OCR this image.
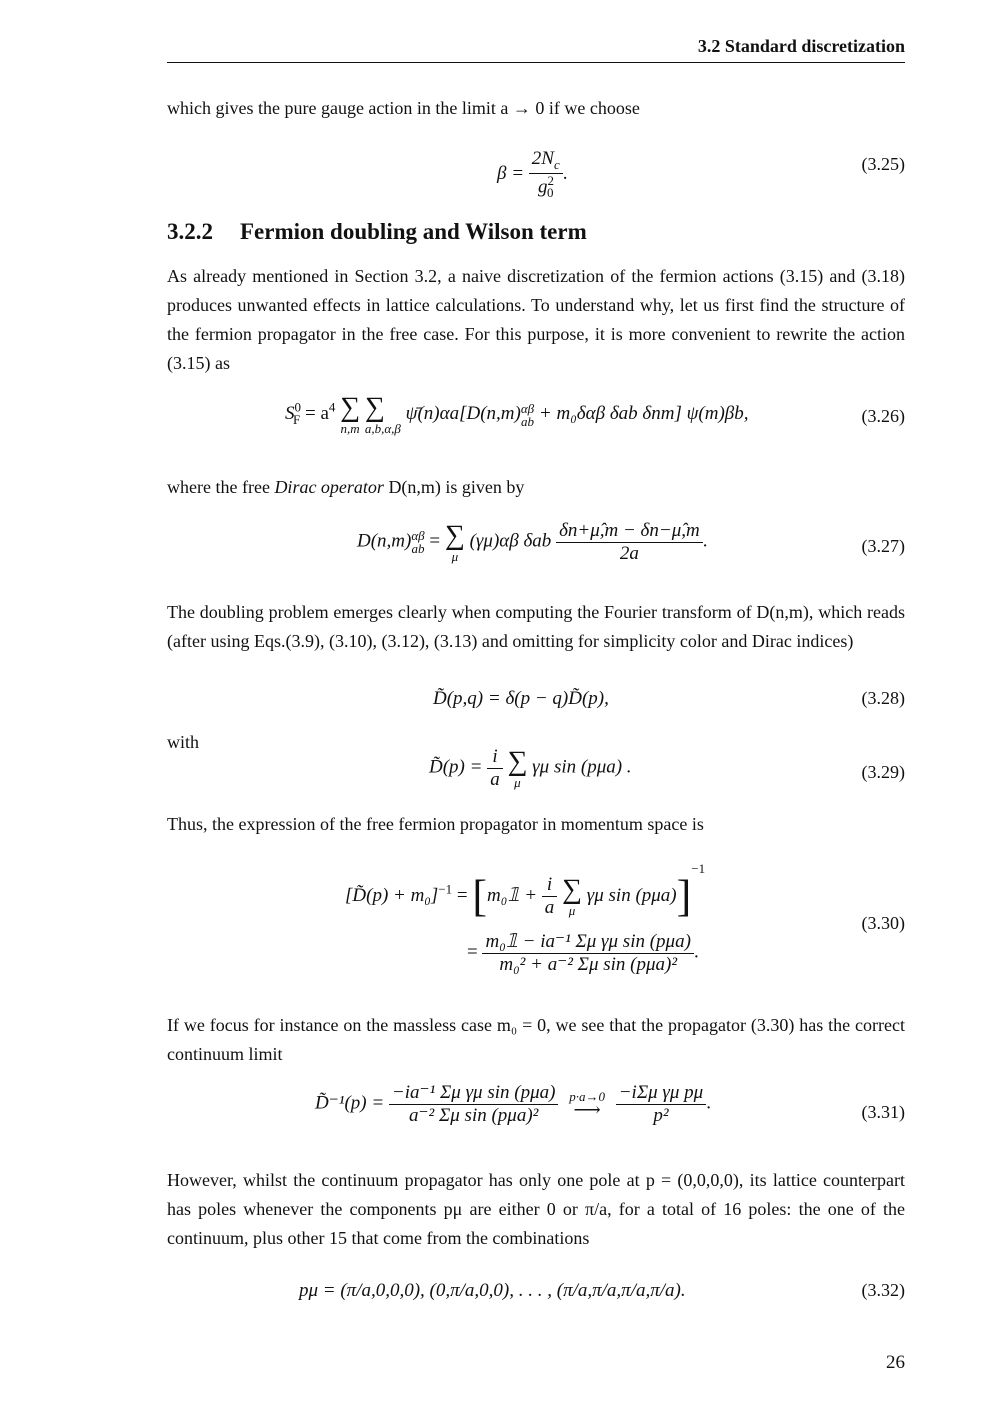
3.2 Standard discretization
which gives the pure gauge action in the limit a → 0 if we choose
$\beta = \frac{2N_c}{g^2_0}$ .	(3.25)
3.2.2 Fermion doubling and Wilson term
As already mentioned in Section 3.2, a naive discretization of the fermion actions (3.15) and (3.18) produces unwanted effects in lattice calculations. To understand why, let us first find the structure of the fermion propagator in the free case. For this purpose, it is more convenient to rewrite the action (3.15) as
$S^0_F = a^4$ ∑
n,m
∑
a,b,α,β
ψ̄(n)αa[D(n,m) αβ
ab + m₀δαβ δab δnm] ψ(m)βb,	(3.26)
where the free Dirac operator D(n,m) is given by
D(n,m) αβ
ab = ∑
μ
(γμ)αβ δab $\frac{\delta n+\mû,m - \delta n-\mû,m}{2a}$ .	(3.27)
The doubling problem emerges clearly when computing the Fourier transform of D(n,m), which reads (after using Eqs.(3.9), (3.10), (3.12), (3.13) and omitting for simplicity color and Dirac indices)
D̃(p,q) = δ(p − q)D̃(p),	(3.28)
with
D̃(p) = $\frac{i}{a}$ ∑
μ
γμ sin (pμa) .	(3.29)
Thus, the expression of the free fermion propagator in momentum space is
[D̃(p) + m₀]$^{-1}$ = [m₀𝟙 + $\frac{i}{a}$ ∑
μ
γμ sin (pμa)]$^{-1}$
= $\frac{\text{m₀𝟙 − ia⁻¹ Σμ γμ sin (pμa)}}{\text{m₀² + a⁻² Σμ sin (pμa)²}}$ .
(3.30)
If we focus for instance on the massless case m₀ = 0, we see that the propagator (3.30) has the correct continuum limit
D̃⁻¹(p) = $\frac{\text{−ia⁻¹ Σμ γμ sin (pμa)}}{\text{a⁻² Σμ sin (pμa)²}}$
p·a→0
⟶
$\frac{\text{−iΣμ γμ pμ}}{\text{p²}}$ .	(3.31)
However, whilst the continuum propagator has only one pole at p = (0,0,0,0), its lattice counterpart has poles whenever the components pμ are either 0 or π/a, for a total of 16 poles: the one of the continuum, plus other 15 that come from the combinations
pμ = (π/a,0,0,0), (0,π/a,0,0), . . . , (π/a,π/a,π/a,π/a).	(3.32)
26
